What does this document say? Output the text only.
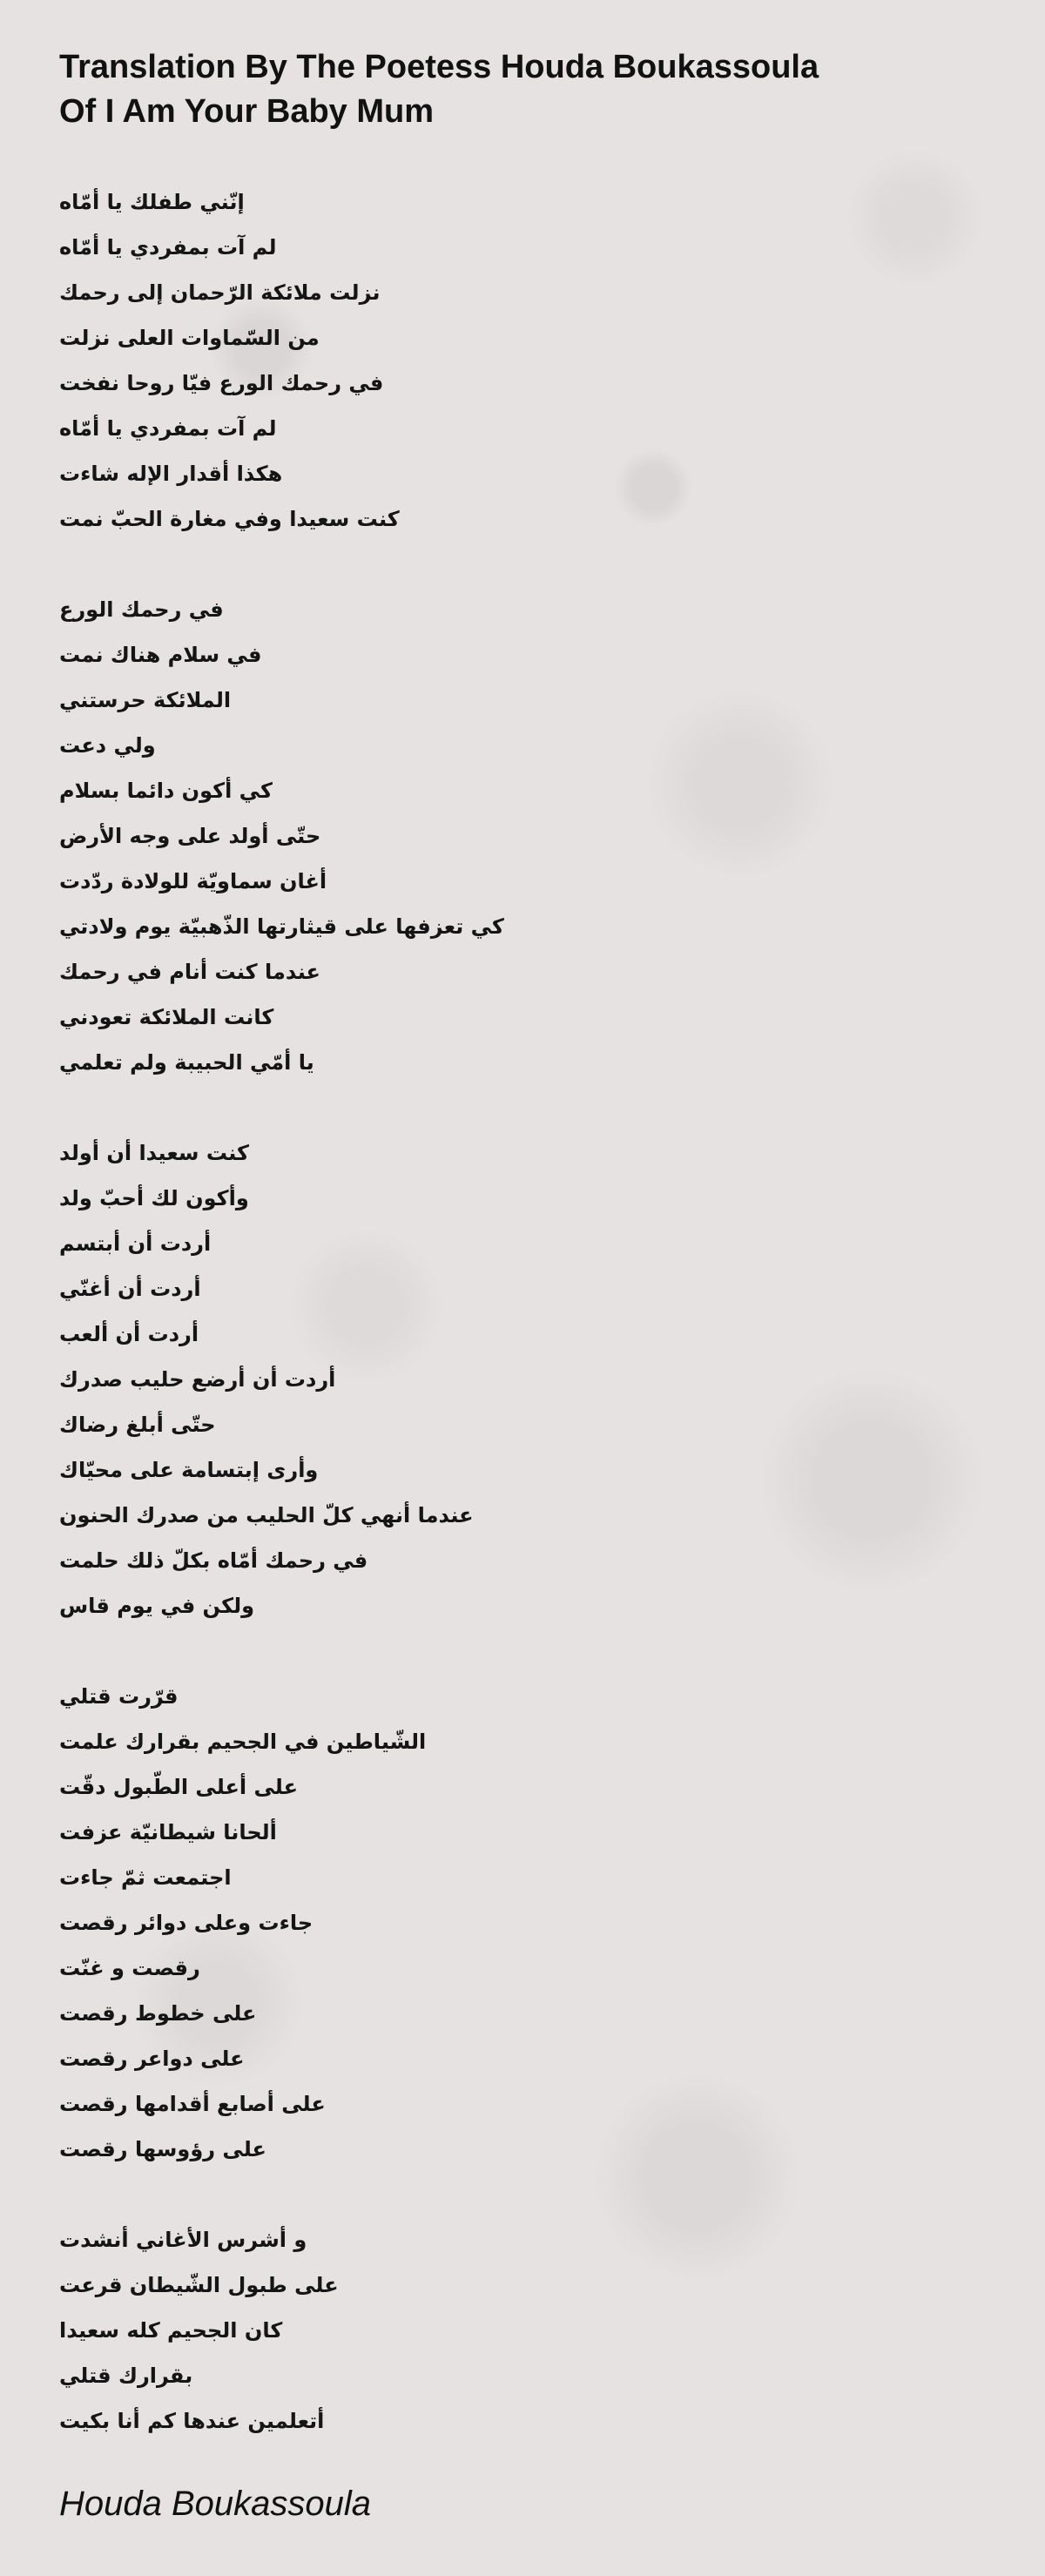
Translation By The Poetess Houda Boukassoula
Of I Am Your Baby Mum
إنّني طفلك يا أمّاه
لم آت بمفردي يا أمّاه
نزلت ملائكة الرّحمان إلى رحمك
من السّماوات العلى نزلت
في رحمك الورع فيّا روحا نفخت
لم آت بمفردي يا أمّاه
هكذا أقدار الإله شاءت
كنت سعيدا وفي مغارة الحبّ نمت
في رحمك الورع
في سلام هناك نمت
الملائكة حرستني
ولي دعت
كي أكون دائما بسلام
حتّى أولد على وجه الأرض
أغان سماويّة للولادة ردّدت
كي تعزفها على قيثارتها الذّهبيّة يوم ولادتي
عندما كنت أنام في رحمك
كانت الملائكة تعودني
يا أمّي الحبيبة ولم تعلمي
كنت سعيدا أن أولد
وأكون لك أحبّ ولد
أردت أن أبتسم
أردت أن أغنّي
أردت أن ألعب
أردت أن أرضع حليب صدرك
حتّى أبلغ رضاك
وأرى إبتسامة على محيّاك
عندما أنهي كلّ الحليب من صدرك الحنون
في رحمك أمّاه بكلّ ذلك حلمت
ولكن في يوم قاس
قرّرت قتلي
الشّياطين في الجحيم بقرارك علمت
على أعلى الطّبول دقّت
ألحانا شيطانيّة عزفت
اجتمعت ثمّ جاءت
جاءت وعلى دوائر رقصت
رقصت و غنّت
على خطوط رقصت
على دواعر رقصت
على أصابع أقدامها رقصت
على رؤوسها رقصت
و أشرس الأغاني أنشدت
على طبول الشّيطان قرعت
كان الجحيم كله سعيدا
بقرارك قتلي
أتعلمين عندها كم أنا بكيت
Houda Boukassoula
